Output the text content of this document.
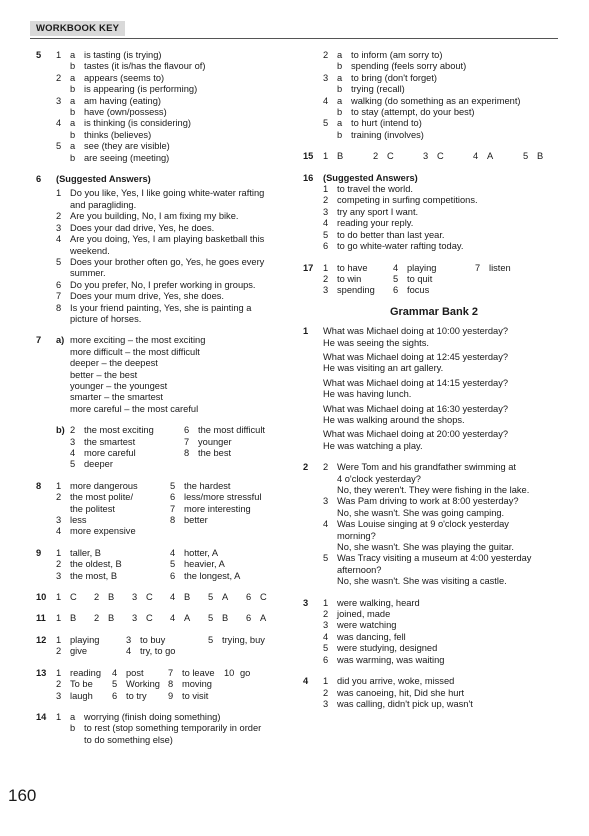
WORKBOOK KEY
5 1 a is tasting (is trying)
b tastes (it is/has the flavour of)
2 a appears (seems to)
b is appearing (is performing)
3 a am having (eating)
b have (own/possess)
4 a is thinking (is considering)
b thinks (believes)
5 a see (they are visible)
b are seeing (meeting)
6 (Suggested Answers)
1 Do you like, Yes, I like going white-water rafting
and paragliding.
2 Are you building, No, I am fixing my bike.
3 Does your dad drive, Yes, he does.
4 Are you doing, Yes, I am playing basketball this
weekend.
5 Does your brother often go, Yes, he goes every
summer.
6 Do you prefer, No, I prefer working in groups.
7 Does your mum drive, Yes, she does.
8 Is your friend painting, Yes, she is painting a
picture of horses.
7 a) more exciting – the most exciting
more difficult – the most difficult
deeper – the deepest
better – the best
younger – the youngest
smarter – the smartest
more careful – the most careful
b) 2 the most exciting	6 the most difficult
3 the smartest	7 younger
4 more careful	8 the best
5 deeper
8 1 more dangerous	5 the hardest
2 the most polite/	6 less/more stressful
the politest	7 more interesting
3 less	8 better
4 more expensive
9 1 taller, B	4 hotter, A
2 the oldest, B	5 heavier, A
3 the most, B	6 the longest, A
10 1 C	2 B	3 C	4 B	5 A	6 C
11 1 B	2 B	3 C	4 A	5 B	6 A
12 1 playing	3 to buy	5 trying, buy
2 give	4 try, to go
13 1 reading	4 post	7 to leave	10 go
2 To be	5 Working 8 moving
3 laugh	6 to try	9 to visit
14 1 a worrying (finish doing something)
b to rest (stop something temporarily in order
to do something else)
2 a to inform (am sorry to)
b spending (feels sorry about)
3 a to bring (don't forget)
b trying (recall)
4 a walking (do something as an experiment)
b to stay (attempt, do your best)
5 a to hurt (intend to)
b training (involves)
15 1 B	2 C	3 C	4 A	5 B
16 (Suggested Answers)
1 to travel the world.
2 competing in surfing competitions.
3 try any sport I want.
4 reading your reply.
5 to do better than last year.
6 to go white-water rafting today.
17 1 to have	4 playing	7 listen
2 to win	5 to quit
3 spending	6 focus
Grammar Bank 2
1 What was Michael doing at 10:00 yesterday?
He was seeing the sights.
What was Michael doing at 12:45 yesterday?
He was visiting an art gallery.
What was Michael doing at 14:15 yesterday?
He was having lunch.
What was Michael doing at 16:30 yesterday?
He was walking around the shops.
What was Michael doing at 20:00 yesterday?
He was watching a play.
2 2 Were Tom and his grandfather swimming at
4 o'clock yesterday?
No, they weren't. They were fishing in the lake.
3 Was Pam driving to work at 8:00 yesterday?
No, she wasn't. She was going camping.
4 Was Louise singing at 9 o'clock yesterday
morning?
No, she wasn't. She was playing the guitar.
5 Was Tracy visiting a museum at 4:00 yesterday
afternoon?
No, she wasn't. She was visiting a castle.
3 1 were walking, heard
2 joined, made
3 were watching
4 was dancing, fell
5 were studying, designed
6 was warming, was waiting
4 1 did you arrive, woke, missed
2 was canoeing, hit, Did she hurt
3 was calling, didn't pick up, wasn't
160
